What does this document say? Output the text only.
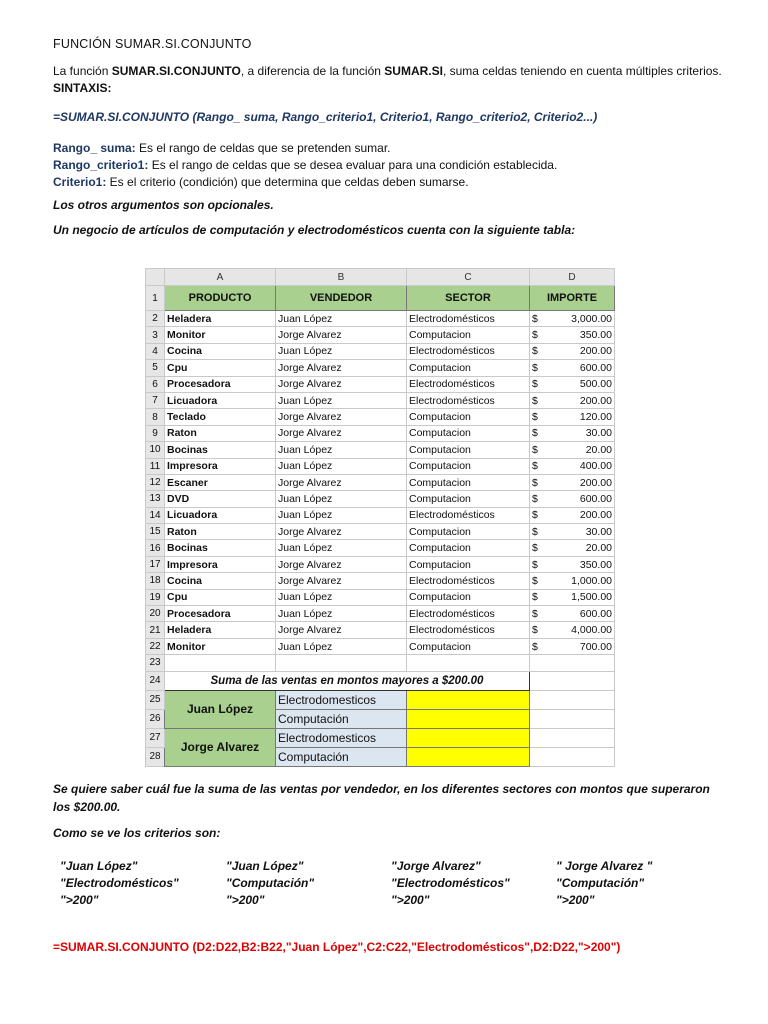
FUNCIÓN SUMAR.SI.CONJUNTO

La función SUMAR.SI.CONJUNTO, a diferencia de la función SUMAR.SI, suma celdas teniendo en cuenta múltiples criterios.

SINTAXIS:
=SUMAR.SI.CONJUNTO (Rango_ suma, Rango_criterio1, Criterio1, Rango_criterio2, Criterio2...)
Rango_ suma: Es el rango de celdas que se pretenden sumar.
Rango_criterio1: Es el rango de celdas que se desea evaluar para una condición establecida.
Criterio1: Es el criterio (condición) que determina que celdas deben sumarse.
Los otros argumentos son opcionales.
Un negocio de artículos de computación y electrodomésticos cuenta con la siguiente tabla:
	A	B	C	D
1	PRODUCTO	VENDEDOR	SECTOR	IMPORTE
2	Heladera	Juan López	Electrodomésticos	$ 3,000.00

3	Monitor	Jorge Alvarez	Computacion	$ 350.00

4	Cocina	Juan López	Electrodomésticos	$ 200.00

5	Cpu	Jorge Alvarez	Computacion	$ 600.00

6	Procesadora	Jorge Alvarez	Electrodomésticos	$ 500.00

7	Licuadora	Juan López	Electrodomésticos	$ 200.00

8	Teclado	Jorge Alvarez	Computacion	$ 120.00

9	Raton	Jorge Alvarez	Computacion	$ 30.00

10	Bocinas	Juan López	Computacion	$ 20.00

11	Impresora	Juan López	Computacion	$ 400.00

12	Escaner	Jorge Alvarez	Computacion	$ 200.00

13	DVD	Juan López	Computacion	$ 600.00

14	Licuadora	Juan López	Electrodomésticos	$ 200.00

15	Raton	Jorge Alvarez	Computacion	$ 30.00

16	Bocinas	Juan López	Computacion	$ 20.00

17	Impresora	Jorge Alvarez	Computacion	$ 350.00

18	Cocina	Jorge Alvarez	Electrodomésticos	$ 1,000.00

19	Cpu	Juan López	Computacion	$ 1,500.00

20	Procesadora	Juan López	Electrodomésticos	$ 600.00

21	Heladera	Jorge Alvarez	Electrodomésticos	$ 4,000.00

22	Monitor	Juan López	Computacion	$ 700.00

23				
24	Suma de las ventas en montos mayores a $200.00			
25	Juan López	Electrodomesticos		
26		Computación		
27	Jorge Alvarez	Electrodomesticos		
28		Computación		
Se quiere saber cuál fue la suma de las ventas por vendedor, en los diferentes sectores con montos que superaron los $200.00.
Como se ve los criterios son:
"Juan López"
"Electrodomésticos"
">200"
"Juan López"
"Computación"
">200"
"Jorge Alvarez"
"Electrodomésticos"
">200"
" Jorge Alvarez "
"Computación"
">200"
=SUMAR.SI.CONJUNTO (D2:D22,B2:B22,"Juan López",C2:C22,"Electrodomésticos",D2:D22,">200")
